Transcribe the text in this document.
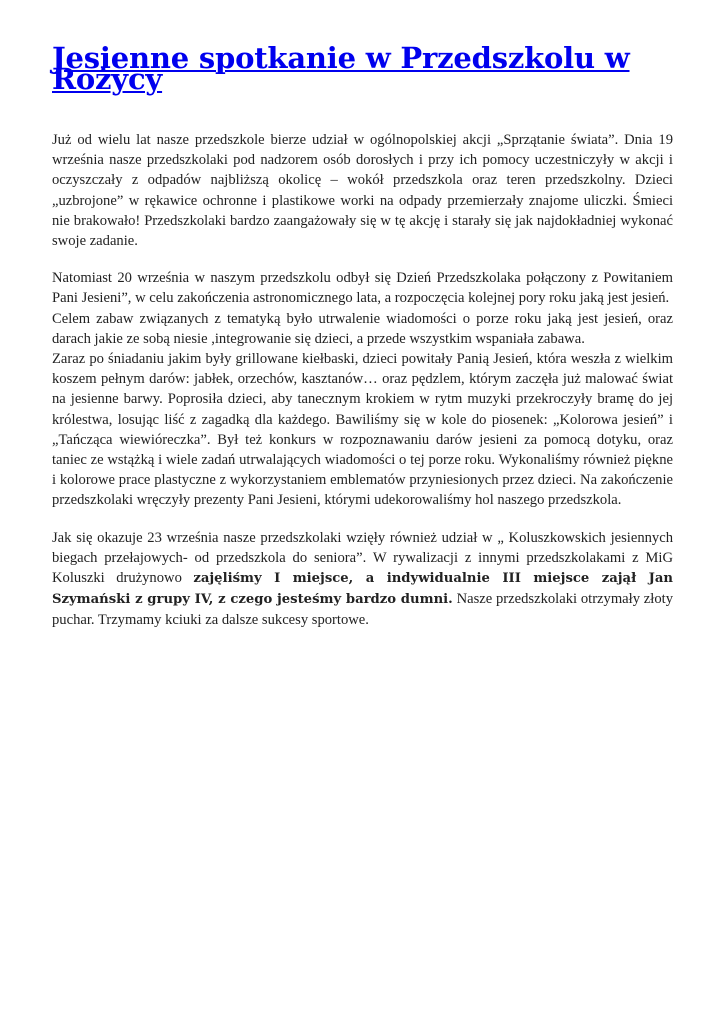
Jesienne spotkanie w Przedszkolu w Rożycy

Już od wielu lat nasze przedszkole bierze udział w ogólnopolskiej akcji „Sprzątanie świata”. Dnia 19 września nasze przedszkolaki pod nadzorem osób dorosłych i przy ich pomocy uczestniczyły w akcji i oczyszczały z odpadów najbliższą okolicę – wokół przedszkola oraz teren przedszkolny. Dzieci „uzbrojone” w rękawice ochronne i plastikowe worki na odpady przemierzały znajome uliczki. Śmieci nie brakowało! Przedszkolaki bardzo zaangażowały się w tę akcję i starały się jak najdokładniej wykonać swoje zadanie.

Natomiast 20 września w naszym przedszkolu odbył się Dzień Przedszkolaka połączony z Powitaniem Pani Jesieni”, w celu zakończenia astronomicznego lata, a rozpoczęcia kolejnej pory roku jaką jest jesień.
Celem zabaw związanych z tematyką było utrwalenie wiadomości o porze roku jaką jest jesień, oraz darach jakie ze sobą niesie ,integrowanie się dzieci, a przede wszystkim wspaniała zabawa.
Zaraz po śniadaniu jakim były grillowane kiełbaski, dzieci powitały Panią Jesień, która weszła z wielkim koszem pełnym darów: jabłek, orzechów, kasztanów… oraz pędzlem, którym zaczęła już malować świat na jesienne barwy. Poprosiła dzieci, aby tanecznym krokiem w rytm muzyki przekroczyły bramę do jej królestwa, losując liść z zagadką dla każdego. Bawiliśmy się w kole do piosenek: „Kolorowa jesień” i „Tańcząca wiewióreczka”. Był też konkurs w rozpoznawaniu darów jesieni za pomocą dotyku, oraz taniec ze wstążką i wiele zadań utrwalających wiadomości o tej porze roku. Wykonaliśmy również piękne i kolorowe prace plastyczne z wykorzystaniem emblematów przyniesionych przez dzieci. Na zakończenie przedszkolaki wręczyły prezenty Pani Jesieni, którymi udekorowaliśmy hol naszego przedszkola.

Jak się okazuje 23 września nasze przedszkolaki wzięły również udział w „ Koluszkowskich jesiennych biegach przełajowych- od przedszkola do seniora”. W rywalizacji z innymi przedszkolakami z MiG Koluszki drużynowo zajęliśmy I miejsce, a indywidualnie III miejsce zajął Jan Szymański z grupy IV, z czego jesteśmy bardzo dumni. Nasze przedszkolaki otrzymały złoty puchar. Trzymamy kciuki za dalsze sukcesy sportowe.
